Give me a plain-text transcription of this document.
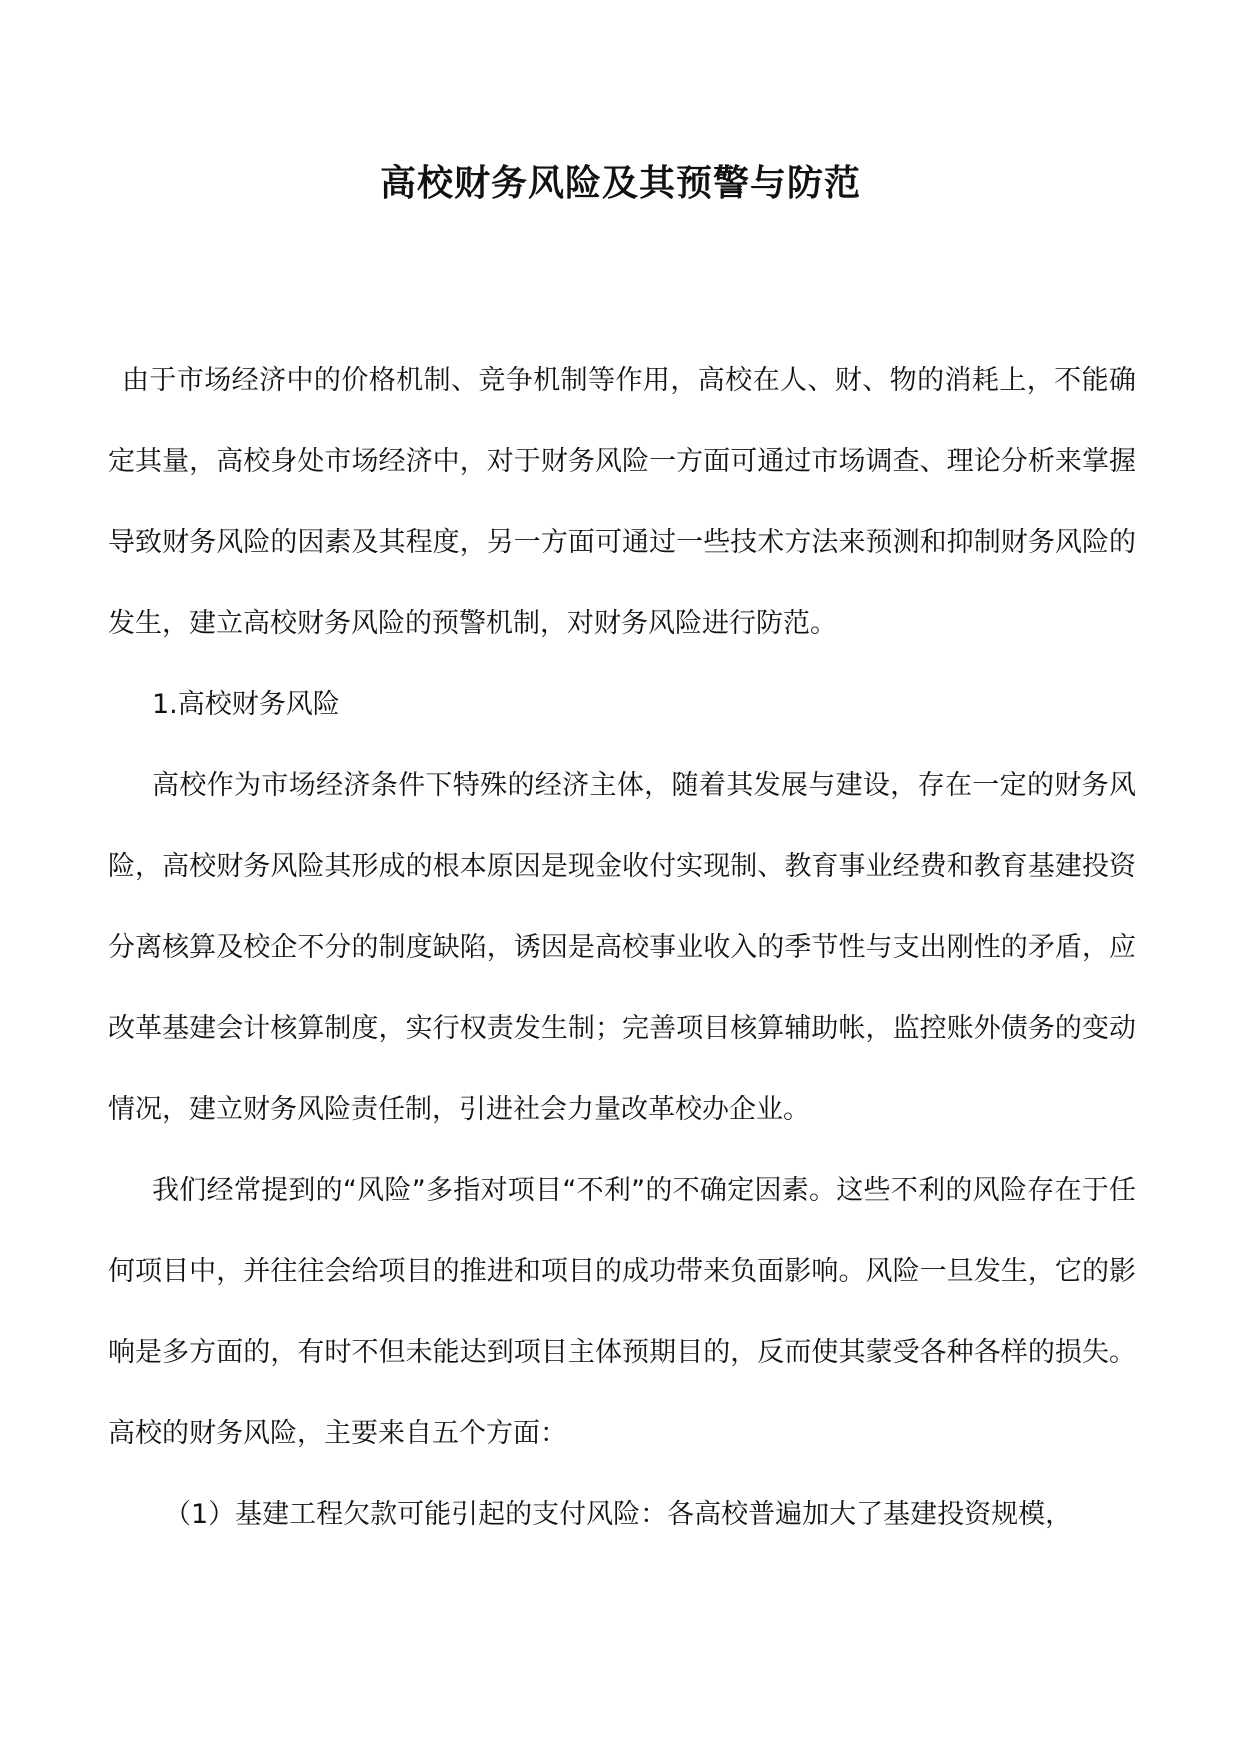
高校财务风险及其预警与防范

由于市场经济中的价格机制、竞争机制等作用，高校在人、财、物的消耗上，不能确定其量，高校身处市场经济中，对于财务风险一方面可通过市场调查、理论分析来掌握导致财务风险的因素及其程度，另一方面可通过一些技术方法来预测和抑制财务风险的发生，建立高校财务风险的预警机制，对财务风险进行防范。

1.高校财务风险

高校作为市场经济条件下特殊的经济主体，随着其发展与建设，存在一定的财务风险，高校财务风险其形成的根本原因是现金收付实现制、教育事业经费和教育基建投资分离核算及校企不分的制度缺陷，诱因是高校事业收入的季节性与支出刚性的矛盾，应改革基建会计核算制度，实行权责发生制；完善项目核算辅助帐，监控账外债务的变动情况，建立财务风险责任制，引进社会力量改革校办企业。

我们经常提到的“风险”多指对项目“不利”的不确定因素。这些不利的风险存在于任何项目中，并往往会给项目的推进和项目的成功带来负面影响。风险一旦发生，它的影响是多方面的，有时不但未能达到项目主体预期目的，反而使其蒙受各种各样的损失。高校的财务风险，主要来自五个方面：

（1）基建工程欠款可能引起的支付风险：各高校普遍加大了基建投资规模，
